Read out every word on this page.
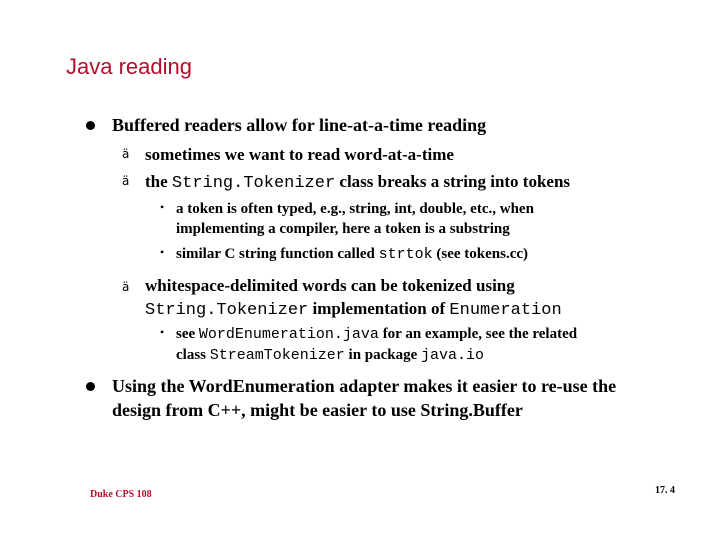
Java reading
Buffered readers allow for line-at-a-time reading
ä sometimes we want to read word-at-a-time
ä the String.Tokenizer class breaks a string into tokens
• a token is often typed, e.g., string, int, double, etc., when
implementing a compiler, here a token is a substring
• similar C string function called strtok (see tokens.cc)
ä whitespace-delimited words can be tokenized using
String.Tokenizer implementation of Enumeration
• see WordEnumeration.java for an example, see the related
class StreamTokenizer in package java.io
Using the WordEnumeration adapter makes it easier to re-use the
design from C++, might be easier to use String.Buffer
Duke CPS 108	17. 4
